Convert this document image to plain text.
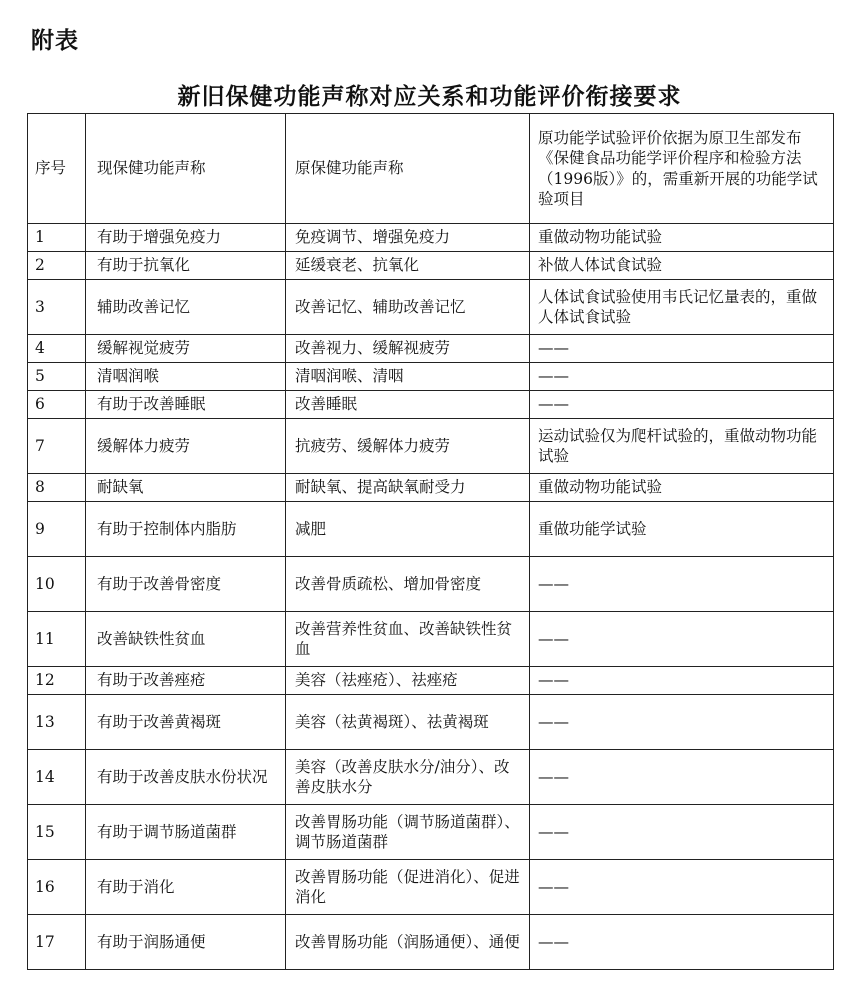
附表
新旧保健功能声称对应关系和功能评价衔接要求
序号	现保健功能声称	原保健功能声称	原功能学试验评价依据为原卫生部发布《保健食品功能学评价程序和检验方法（1996版）》的，需重新开展的功能学试验项目
1	有助于增强免疫力	免疫调节、增强免疫力	重做动物功能试验
2	有助于抗氧化	延缓衰老、抗氧化	补做人体试食试验
3	辅助改善记忆	改善记忆、辅助改善记忆	人体试食试验使用韦氏记忆量表的，重做人体试食试验
4	缓解视觉疲劳	改善视力、缓解视疲劳	——
5	清咽润喉	清咽润喉、清咽	——
6	有助于改善睡眠	改善睡眠	——
7	缓解体力疲劳	抗疲劳、缓解体力疲劳	运动试验仅为爬杆试验的，重做动物功能试验
8	耐缺氧	耐缺氧、提高缺氧耐受力	重做动物功能试验
9	有助于控制体内脂肪	减肥	重做功能学试验
10	有助于改善骨密度	改善骨质疏松、增加骨密度	——
11	改善缺铁性贫血	改善营养性贫血、改善缺铁性贫血	——
12	有助于改善痤疮	美容（祛痤疮）、祛痤疮	——
13	有助于改善黄褐斑	美容（祛黄褐斑）、祛黄褐斑	——
14	有助于改善皮肤水份状况	美容（改善皮肤水分/油分）、改善皮肤水分	——
15	有助于调节肠道菌群	改善胃肠功能（调节肠道菌群）、调节肠道菌群	——
16	有助于消化	改善胃肠功能（促进消化）、促进消化	——
17	有助于润肠通便	改善胃肠功能（润肠通便）、通便	——
